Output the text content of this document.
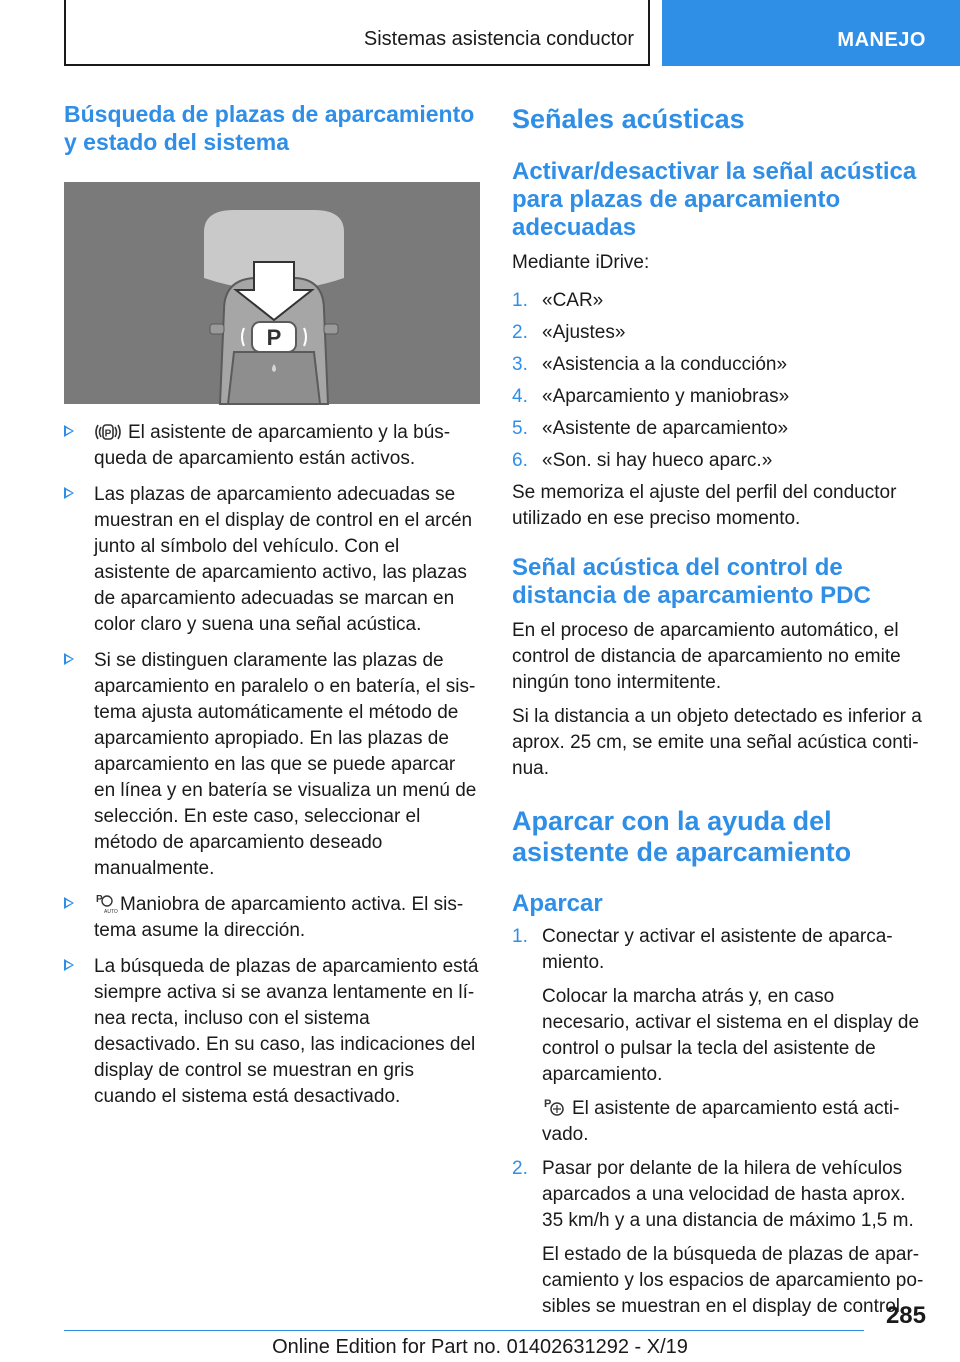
Sistemas asistencia conductor	MANEJO
Búsqueda de plazas de aparcamiento y estado del sistema
P
P El asistente de aparcamiento y la búsqueda de aparcamiento están activos.
Las plazas de aparcamiento adecuadas se muestran en el display de control en el arcén junto al símbolo del vehículo. Con el asistente de aparcamiento activo, las plazas de aparcamiento adecuadas se marcan en color claro y suena una señal acústica.
Si se distinguen claramente las plazas de aparcamiento en paralelo o en batería, el sistema ajusta automáticamente el método de aparcamiento apropiado. En las plazas de aparcamiento en las que se puede aparcar en línea y en batería se visualiza un menú de selección. En este caso, seleccionar el método de aparcamiento deseado manualmente.
P
AUTO Maniobra de aparcamiento activa. El sistema asume la dirección.
La búsqueda de plazas de aparcamiento está siempre activa si se avanza lentamente en línea recta, incluso con el sistema desactivado. En su caso, las indicaciones del display de control se muestran en gris cuando el sistema está desactivado.
Señales acústicas
Activar/desactivar la señal acústica para plazas de aparcamiento adecuadas

Mediante iDrive:

1. «CAR»
2. «Ajustes»
3. «Asistencia a la conducción»
4. «Aparcamiento y maniobras»
5. «Asistente de aparcamiento»
6. «Son. si hay hueco aparc.»

Se memoriza el ajuste del perfil del conductor utilizado en ese preciso momento.

Señal acústica del control de distancia de aparcamiento PDC

En el proceso de aparcamiento automático, el control de distancia de aparcamiento no emite ningún tono intermitente.

Si la distancia a un objeto detectado es inferior a aprox. 25 cm, se emite una señal acústica continua.

Aparcar con la ayuda del asistente de aparcamiento
Aparcar
1. Conectar y activar el asistente de aparcamiento.

Colocar la marcha atrás y, en caso necesario, activar el sistema en el display de control o pulsar la tecla del asistente de aparcamiento.

P El asistente de aparcamiento está activado.

2. Pasar por delante de la hilera de vehículos aparcados a una velocidad de hasta aprox. 35 km/h y a una distancia de máximo 1,5 m.

El estado de la búsqueda de plazas de aparcamiento y los espacios de aparcamiento posibles se muestran en el display de control.

285
Online Edition for Part no. 01402631292 - X/19
